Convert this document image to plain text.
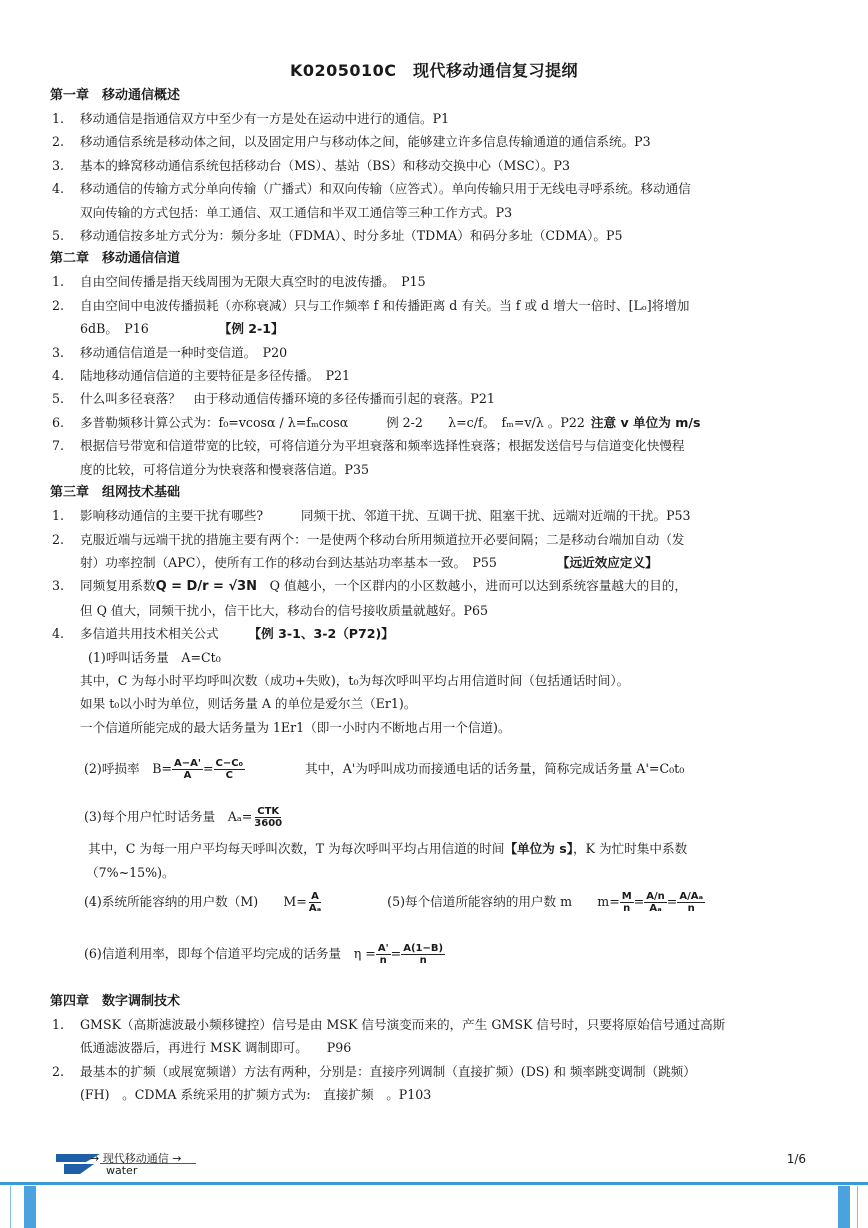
K0205010C　现代移动通信复习提纲
第一章　移动通信概述
1. 移动通信是指通信双方中至少有一方是处在运动中进行的通信。P1
2. 移动通信系统是移动体之间，以及固定用户与移动体之间，能够建立许多信息传输通道的通信系统。P3
3. 基本的蜂窝移动通信系统包括移动台（MS）、基站（BS）和移动交换中心（MSC）。P3
4. 移动通信的传输方式分单向传输（广播式）和双向传输（应答式）。单向传输只用于无线电寻呼系统。移动通信
双向传输的方式包括：单工通信、双工通信和半双工通信等三种工作方式。P3
5. 移动通信按多址方式分为：频分多址（FDMA）、时分多址（TDMA）和码分多址（CDMA）。P5
第二章　移动通信信道
1. 自由空间传播是指天线周围为无限大真空时的电波传播。　P15
2. 自由空间中电波传播损耗（亦称衰减）只与工作频率 f 和传播距离 d 有关。当 f 或 d 增大一倍时、[Lₒ]将增加
6dB。　P16	【例 2-1】
3. 移动通信信道是一种时变信道。　P20
4. 陆地移动通信信道的主要特征是多径传播。　P21
5. 什么叫多径衰落？　由于移动通信传播环境的多径传播而引起的衰落。P21
6. 多普勒频移计算公式为：f₀=vcosα / λ=fₘcosα　　　例 2-2　　λ=c/f。　fₘ=v/λ 。P22 注意 v 单位为 m/s
7. 根据信号带宽和信道带宽的比较，可将信道分为平坦衰落和频率选择性衰落；根据发送信号与信道变化快慢程
度的比较，可将信道分为快衰落和慢衰落信道。P35
第三章　组网技术基础
1. 影响移动通信的主要干扰有哪些?　　　同频干扰、邻道干扰、互调干扰、阻塞干扰、远端对近端的干扰。P53
2. 克服近端与远端干扰的措施主要有两个：一是使两个移动台所用频道拉开必要间隔；二是移动台端加自动（发
射）功率控制（APC），使所有工作的移动台到达基站功率基本一致。　P55	【远近效应定义】
3. 同频复用系数Q = D/r = √3N　Q 值越小，一个区群内的小区数越小，进而可以达到系统容量越大的目的，
但 Q 值大，同频干扰小，信干比大，移动台的信号接收质量就越好。P65
4. 多信道共用技术相关公式 【例 3-1、3-2（P72)】
(1)呼叫话务量　A=Ct₀
其中，C 为每小时平均呼叫次数（成功+失败)，t₀为每次呼叫平均占用信道时间（包括通话时间）。
如果 t₀以小时为单位，则话务量 A 的单位是爱尔兰（Er1)。
一个信道所能完成的最大话务量为 1Er1（即一小时内不断地占用一个信道)。
(2)呼损率　$B= \frac{A-A'}{A} = \frac{\text{C−C₀}}{C}$	其中，A'为呼叫成功而接通电话的话务量，简称完成话务量 A'=C₀t₀
(3)每个用户忙时话务量　$A_a= \frac{\text{CTK}}{3600}$
其中，C 为每一用户平均每天呼叫次数，T 为每次呼叫平均占用信道的时间【单位为 s】，K 为忙时集中系数
（7%~15%)。
(4)系统所能容纳的用户数（M)　　$M= \frac{A}{\text{Aₐ}}$	(5)每个信道所能容纳的用户数 m　　$m= \frac{M}{n} = \frac{A/n}{\text{Aₐ}} = \frac{\text{A/Aₐ}}{n}$
(6)信道利用率，即每个信道平均完成的话务量　$\eta = \frac{A'}{n} = \frac{A(1-B)}{n}$
第四章　数字调制技术
1. GMSK（高斯滤波最小频移键控）信号是由 MSK 信号演变而来的，产生 GMSK 信号时，只要将原始信号通过高斯
低通滤波器后，再进行 MSK 调制即可。　　P96
2. 最基本的扩频（或展宽频谱）方法有两种，分别是：直接序列调制（直接扩频）(DS) 和 频率跳变调制（跳频）
(FH)　。CDMA 系统采用的扩频方式为:　直接扩频　。P103
→ 现代移动通信 →
water
1/6
